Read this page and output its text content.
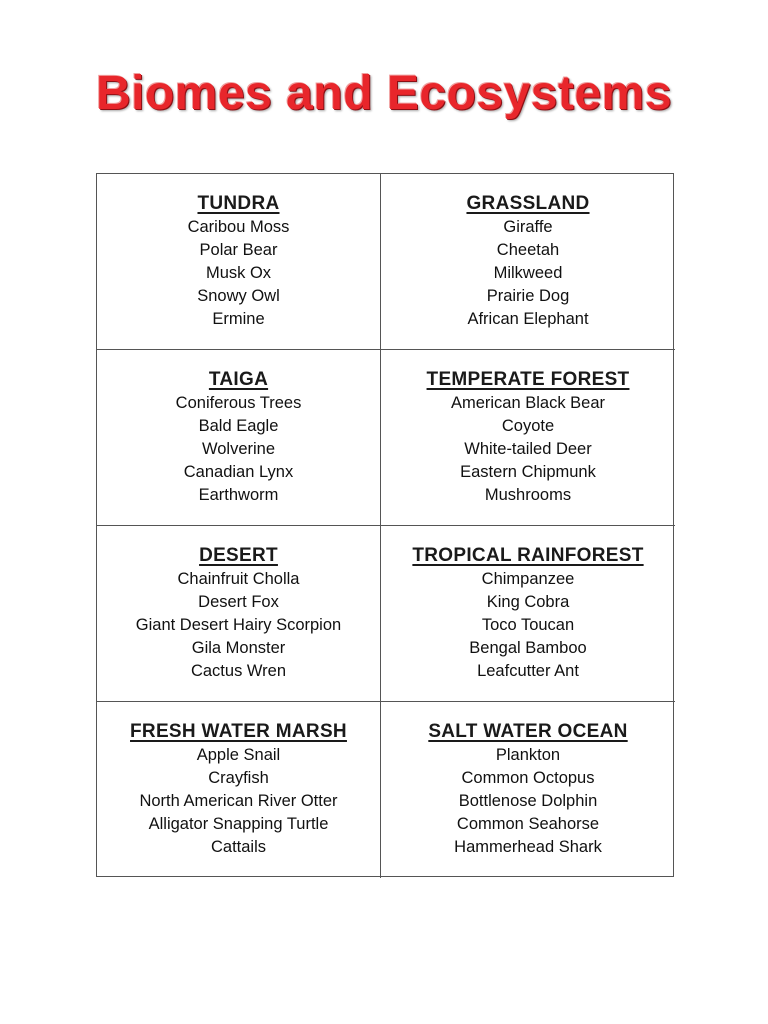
Biomes and Ecosystems
TUNDRA
Caribou Moss
Polar Bear
Musk Ox
Snowy Owl
Ermine
GRASSLAND
Giraffe
Cheetah
Milkweed
Prairie Dog
African Elephant
TAIGA
Coniferous Trees
Bald Eagle
Wolverine
Canadian Lynx
Earthworm
TEMPERATE FOREST
American Black Bear
Coyote
White-tailed Deer
Eastern Chipmunk
Mushrooms
DESERT
Chainfruit Cholla
Desert Fox
Giant Desert Hairy Scorpion
Gila Monster
Cactus Wren
TROPICAL RAINFOREST
Chimpanzee
King Cobra
Toco Toucan
Bengal Bamboo
Leafcutter Ant
FRESH WATER MARSH
Apple Snail
Crayfish
North American River Otter
Alligator Snapping Turtle
Cattails
SALT WATER OCEAN
Plankton
Common Octopus
Bottlenose Dolphin
Common Seahorse
Hammerhead Shark
